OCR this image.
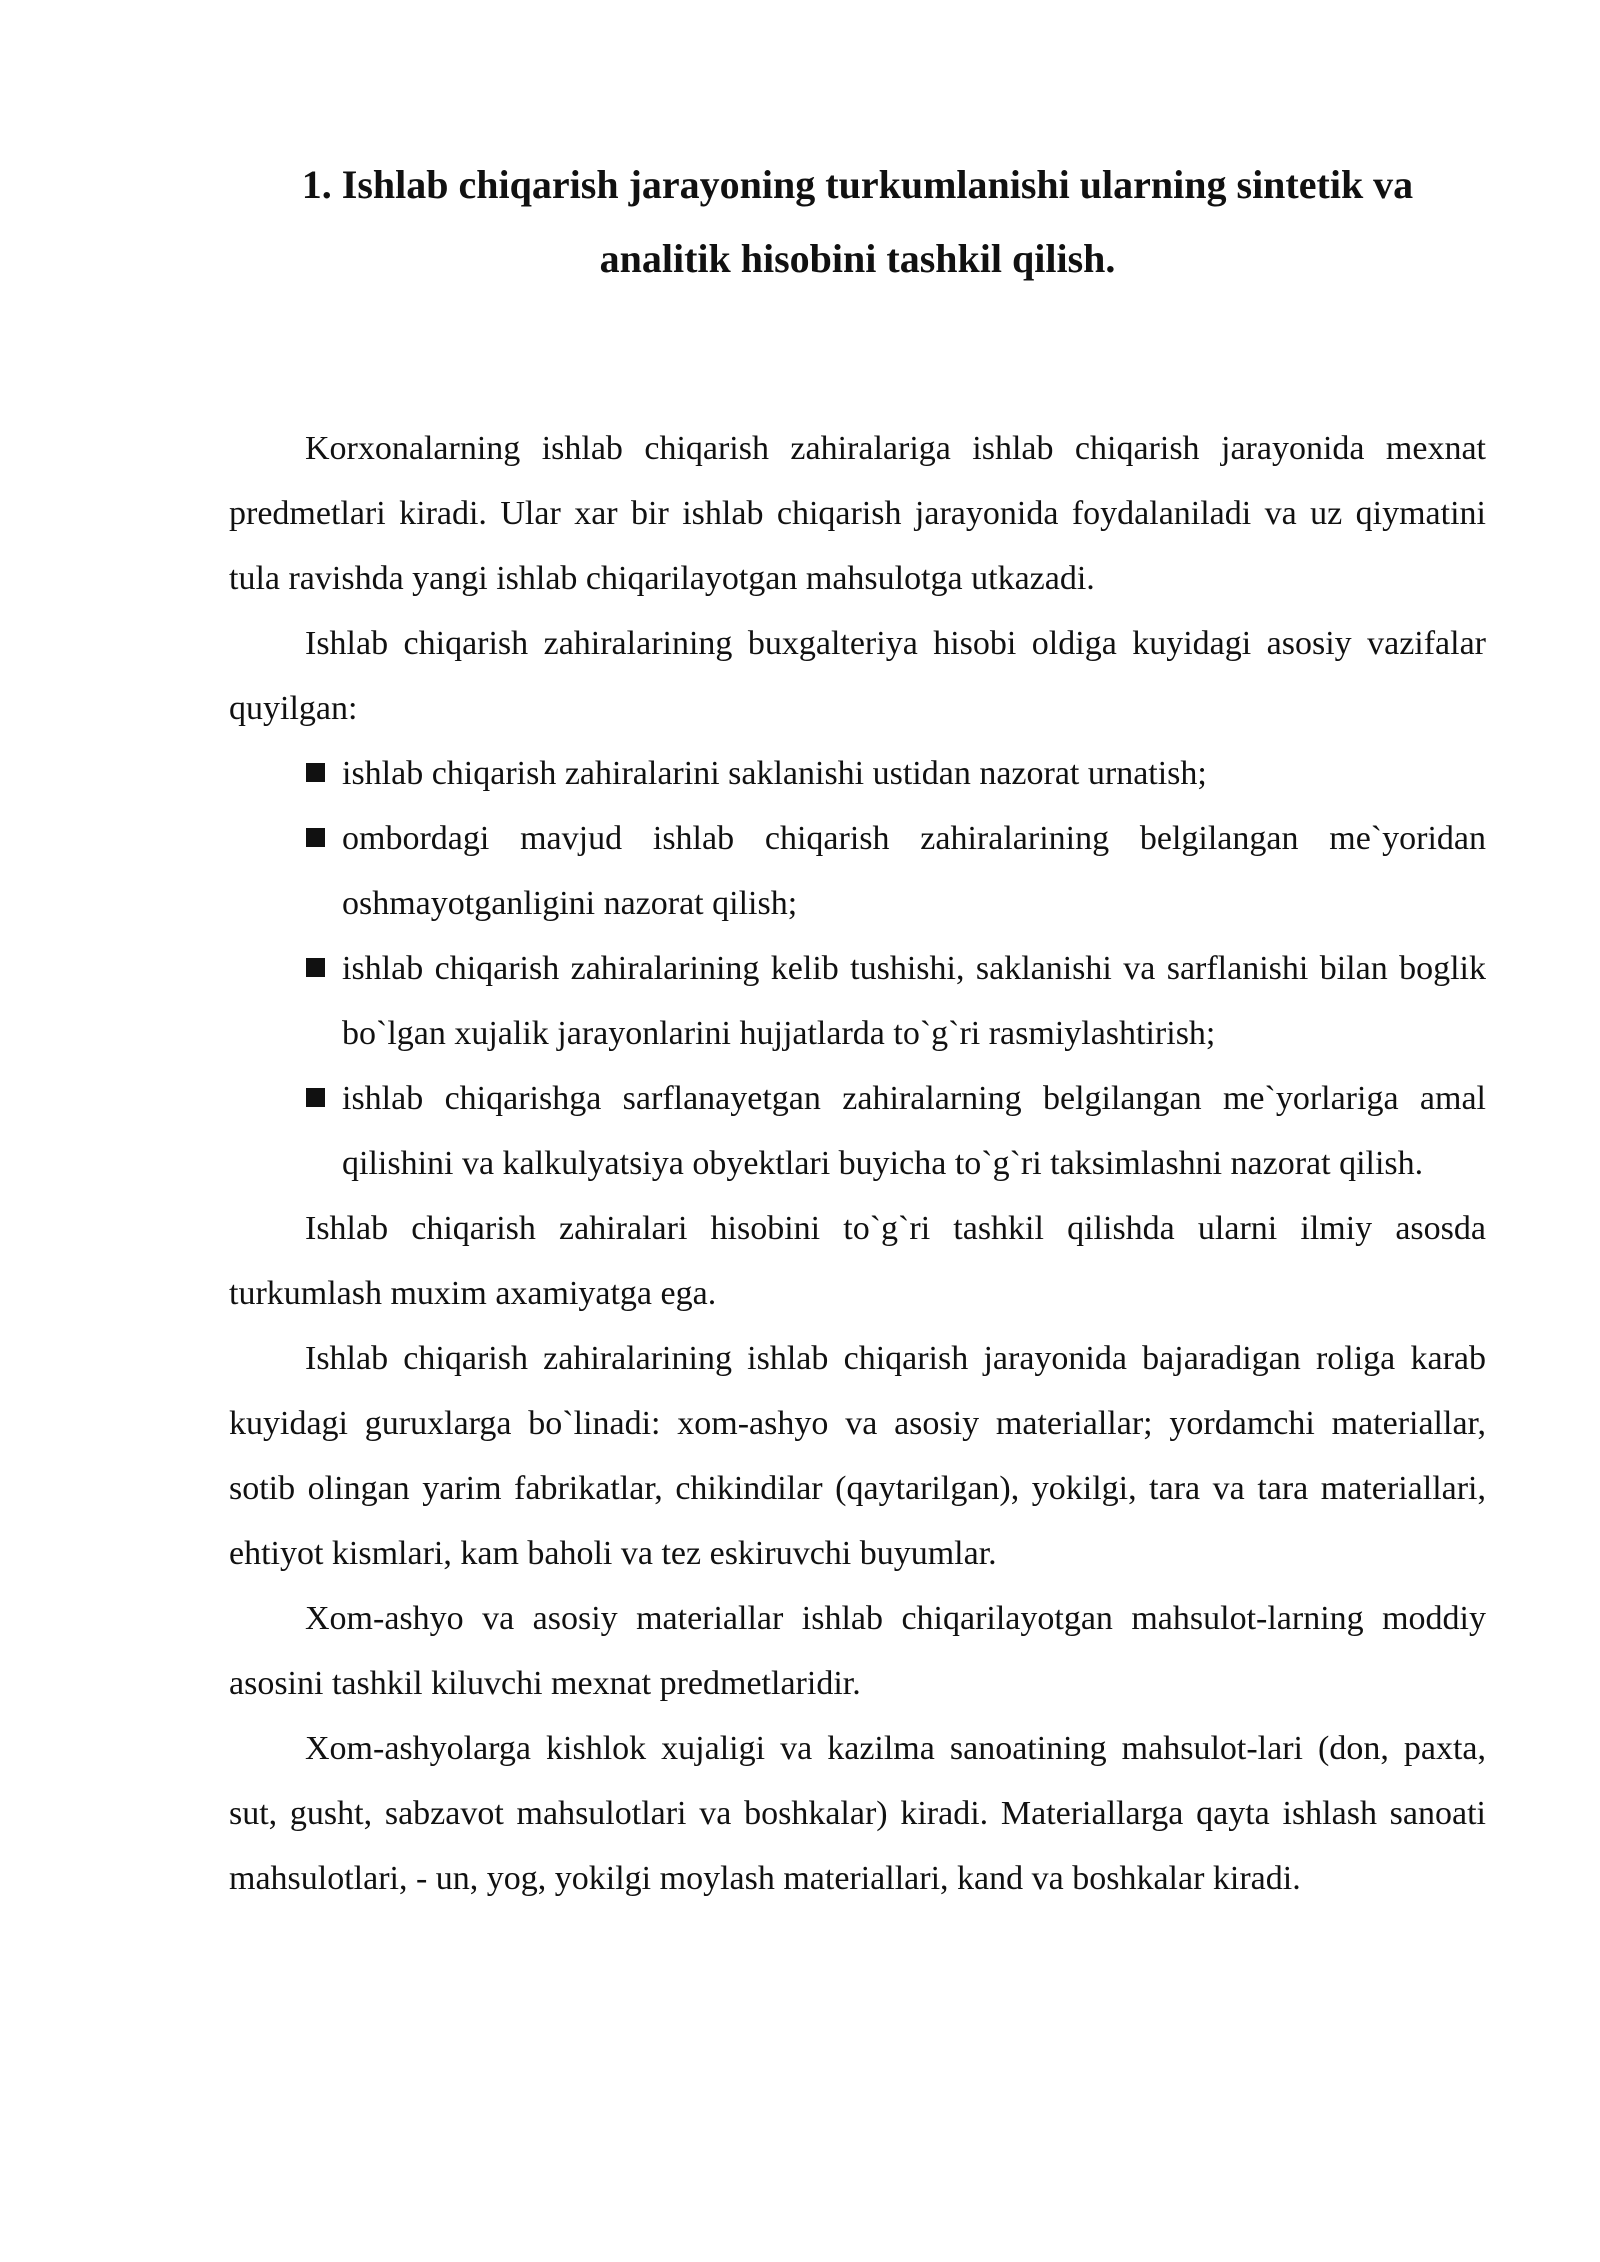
1. Ishlab chiqarish jarayoning turkumlanishi ularning sintetik va analitik hisobini tashkil qilish.

Korxonalarning ishlab chiqarish zahiralariga ishlab chiqarish jarayonida mexnat predmetlari kiradi. Ular xar bir ishlab chiqarish jarayonida foydalaniladi va uz qiymatini tula ravishda yangi ishlab chiqarilayotgan mahsulotga utkazadi.

Ishlab chiqarish zahiralarining buxgalteriya hisobi oldiga kuyidagi asosiy vazifalar quyilgan:

ishlab chiqarish zahiralarini saklanishi ustidan nazorat urnatish;
ombordagi mavjud ishlab chiqarish zahiralarining belgilangan me`yoridan oshmayotganligini nazorat qilish;
ishlab chiqarish zahiralarining kelib tushishi, saklanishi va sarflanishi bilan boglik bo`lgan xujalik jarayonlarini hujjatlarda to`g`ri rasmiylashtirish;
ishlab chiqarishga sarflanayetgan zahiralarning belgilangan me`yorlariga amal qilishini va kalkulyatsiya obyektlari buyicha to`g`ri taksimlashni nazorat qilish.

Ishlab chiqarish zahiralari hisobini to`g`ri tashkil qilishda ularni ilmiy asosda turkumlash muxim axamiyatga ega.

Ishlab chiqarish zahiralarining ishlab chiqarish jarayonida bajaradigan roliga karab kuyidagi guruxlarga bo`linadi: xom-ashyo va asosiy materiallar; yordamchi materiallar, sotib olingan yarim fabrikatlar, chikindilar (qaytarilgan), yokilgi, tara va tara materiallari, ehtiyot kismlari, kam baholi va tez eskiruvchi buyumlar.

Xom-ashyo va asosiy materiallar ishlab chiqarilayotgan mahsulot-larning moddiy asosini tashkil kiluvchi mexnat predmetlaridir.

Xom-ashyolarga kishlok xujaligi va kazilma sanoatining mahsulot-lari (don, paxta, sut, gusht, sabzavot mahsulotlari va boshkalar) kiradi. Materiallarga qayta ishlash sanoati mahsulotlari, - un, yog, yokilgi moylash materiallari, kand va boshkalar kiradi.
